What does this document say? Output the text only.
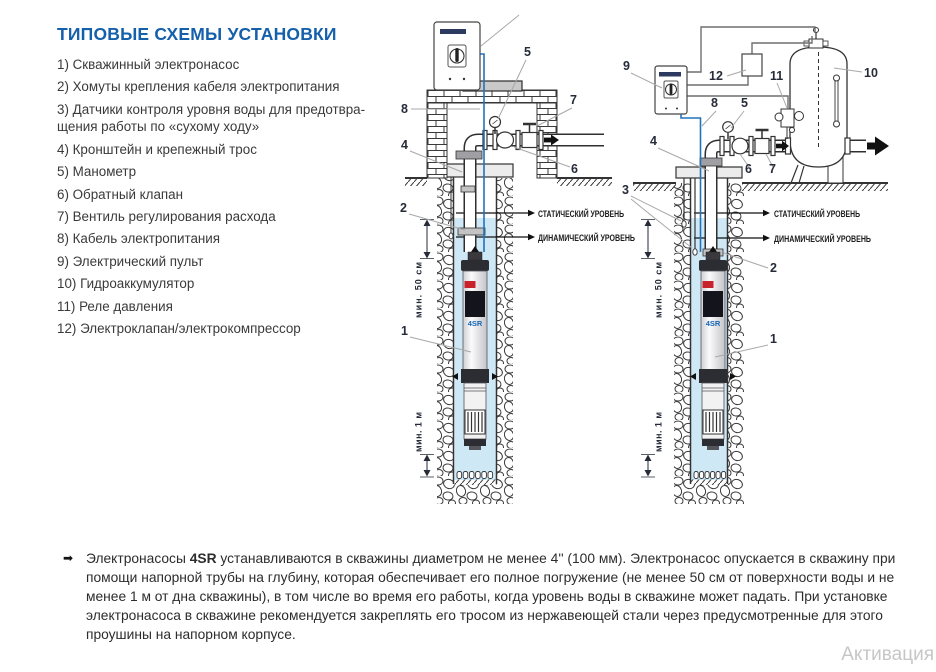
ТИПОВЫЕ СХЕМЫ УСТАНОВКИ
1) Скважинный электронасос
2) Хомуты крепления кабеля электропитания
3) Датчики контроля уровня воды для предотвра-щения работы по «сухому ходу»
4) Кронштейн и крепежный трос
5) Манометр
6) Обратный клапан
7) Вентиль регулирования расхода
8) Кабель электропитания
9) Электрический пульт
10) Гидроаккумулятор
11) Реле давления
12) Электроклапан/электрокомпрессор
СТАТИЧЕСКИЙ УРОВЕНЬ
ДИНАМИЧЕСКИЙ УРОВЕНЬ
мин. 50 см
мин. 1 м
4SR
5
7
8
4
2
6
1
СТАТИЧЕСКИЙ УРОВЕНЬ
ДИНАМИЧЕСКИЙ УРОВЕНЬ
мин. 50 см
мин. 1 м
4SR
9
12	11	10
8 5
4
3
6 7
2
1
➡ Электронасосы 4SR устанавливаются в скважины диаметром не менее 4'' (100 мм). Электронасос опускается в скважину при помощи напорной трубы на глубину, которая обеспечивает его полное погружение (не менее 50 см от поверхности воды и не менее 1 м от дна скважины), в том числе во время его работы, когда уровень воды в скважине может падать. При установке электронасоса в скважине рекомендуется закреплять его тросом из нержавеющей стали через предусмотренные для этого проушины на напорном корпусе.
Активация
